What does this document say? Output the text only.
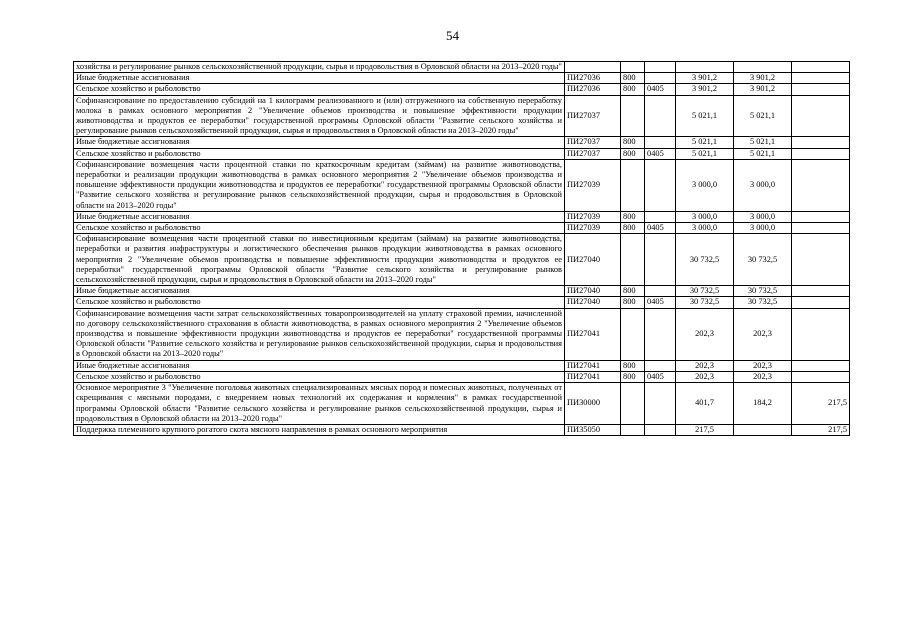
54
хозяйства и регулирование рынков сельскохозяйственной продукции, сырья и продовольствия в Орловской области на 2013–2020 годы"						
Иные бюджетные ассигнования	ПИ27036	800		3 901,2	3 901,2	
Сельское хозяйство и рыболовство	ПИ27036	800	0405	3 901,2	3 901,2	
Софинансирование по предоставлению субсидий на 1 килограмм реализованного и (или) отгруженного на собственную переработку молока в рамках основного мероприятия 2 "Увеличение объемов производства и повышение эффективности продукции животноводства и продуктов ее переработки" государственной программы Орловской области "Развитие сельского хозяйства и регулирование рынков сельскохозяйственной продукции, сырья и продовольствия в Орловской области на 2013–2020 годы"	ПИ27037			5 021,1	5 021,1	
Иные бюджетные ассигнования	ПИ27037	800		5 021,1	5 021,1	
Сельское хозяйство и рыболовство	ПИ27037	800	0405	5 021,1	5 021,1	
Софинансирование возмещения части процентной ставки по краткосрочным кредитам (займам) на развитие животноводства, переработки и реализации продукции животноводства в рамках основного мероприятия 2 "Увеличение объемов производства и повышение эффективности продукции животноводства и продуктов ее переработки" государственной программы Орловской области "Развитие сельского хозяйства и регулирование рынков сельскохозяйственной продукции, сырья и продовольствия в Орловской области на 2013–2020 годы"	ПИ27039			3 000,0	3 000,0	
Иные бюджетные ассигнования	ПИ27039	800		3 000,0	3 000,0	
Сельское хозяйство и рыболовство	ПИ27039	800	0405	3 000,0	3 000,0	
Софинансирование возмещения части процентной ставки по инвестиционным кредитам (займам) на развитие животноводства, переработки и развития инфраструктуры и логистического обеспечения рынков продукции животноводства в рамках основного мероприятия 2 "Увеличение объемов производства и повышение эффективности продукции животноводства и продуктов ее переработки" государственной программы Орловской области "Развитие сельского хозяйства и регулирование рынков сельскохозяйственной продукции, сырья и продовольствия в Орловской области на 2013–2020 годы"	ПИ27040			30 732,5	30 732,5	
Иные бюджетные ассигнования	ПИ27040	800		30 732,5	30 732,5	
Сельское хозяйство и рыболовство	ПИ27040	800	0405	30 732,5	30 732,5	
Софинансирование возмещения части затрат сельскохозяйственных товаропроизводителей на уплату страховой премии, начисленной по договору сельскохозяйственного страхования в области животноводства, в рамках основного мероприятия 2 "Увеличение объемов производства и повышение эффективности продукции животноводства и продуктов ее переработки" государственной программы Орловской области "Развитие сельского хозяйства и регулирование рынков сельскохозяйственной продукции, сырья и продовольствия в Орловской области на 2013–2020 годы"	ПИ27041			202,3	202,3	
Иные бюджетные ассигнования	ПИ27041	800		202,3	202,3	
Сельское хозяйство и рыболовство	ПИ27041	800	0405	202,3	202,3	
Основное мероприятие 3 "Увеличение поголовья животных специализированных мясных пород и помесных животных, полученных от скрещивания с мясными породами, с внедрением новых технологий их содержания и кормления" в рамках государственной программы Орловской области "Развитие сельского хозяйства и регулирование рынков сельскохозяйственной продукции, сырья и продовольствия в Орловской области на 2013–2020 годы"	ПИ30000			401,7	184,2	217,5
Поддержка племенного крупного рогатого скота мясного направления в рамках основного мероприятия	ПИ35050			217,5		217,5
